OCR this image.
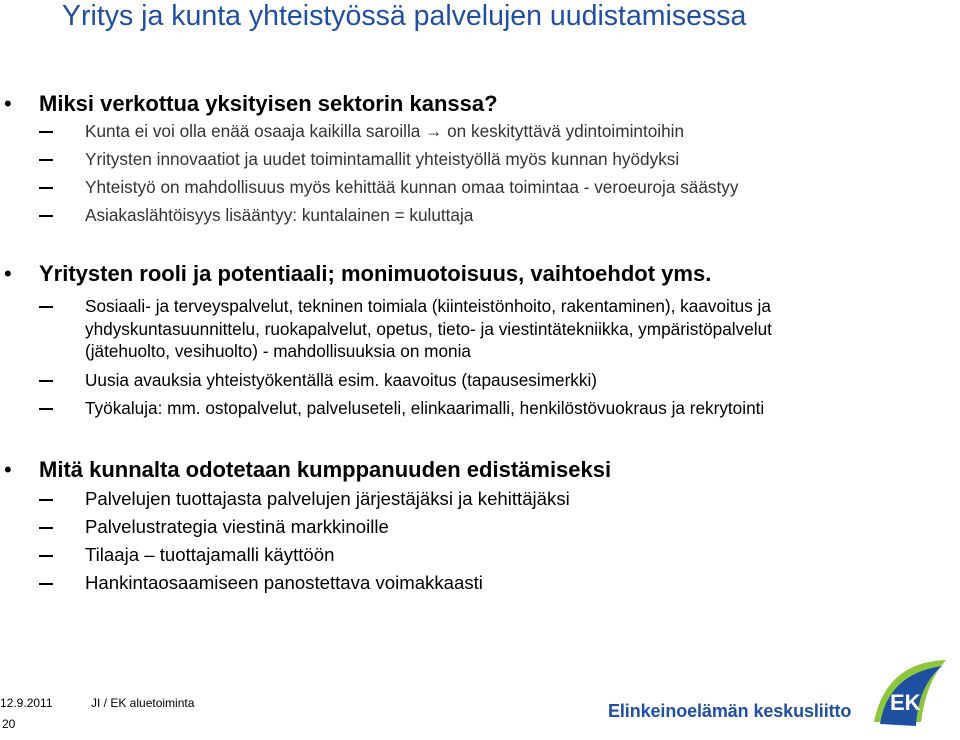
Yritys ja kunta yhteistyössä palvelujen uudistamisessa
• Miksi verkottua yksityisen sektorin kanssa?
Kunta ei voi olla enää osaaja kaikilla saroilla → on keskityttävä ydintoimintoihin
Yritysten innovaatiot ja uudet toimintamallit yhteistyöllä myös kunnan hyödyksi
Yhteistyö on mahdollisuus myös kehittää kunnan omaa toimintaa - veroeuroja säästyy
Asiakaslähtöisyys lisääntyy: kuntalainen = kuluttaja
• Yritysten rooli ja potentiaali; monimuotoisuus, vaihtoehdot yms.
Sosiaali- ja terveyspalvelut, tekninen toimiala (kiinteistönhoito, rakentaminen), kaavoitus ja
yhdyskuntasuunnittelu, ruokapalvelut, opetus, tieto- ja viestintätekniikka, ympäristöpalvelut
(jätehuolto, vesihuolto) - mahdollisuuksia on monia
Uusia avauksia yhteistyökentällä esim. kaavoitus (tapausesimerkki)
Työkaluja: mm. ostopalvelut, palveluseteli, elinkaarimalli, henkilöstövuokraus ja rekrytointi
• Mitä kunnalta odotetaan kumppanuuden edistämiseksi
Palvelujen tuottajasta palvelujen järjestäjäksi ja kehittäjäksi
Palvelustrategia viestinä markkinoille
Tilaaja – tuottajamalli käyttöön
Hankintaosaamiseen panostettava voimakkaasti
12.9.2011	JI / EK aluetoiminta
20
Elinkeinoelämän keskusliitto EK
